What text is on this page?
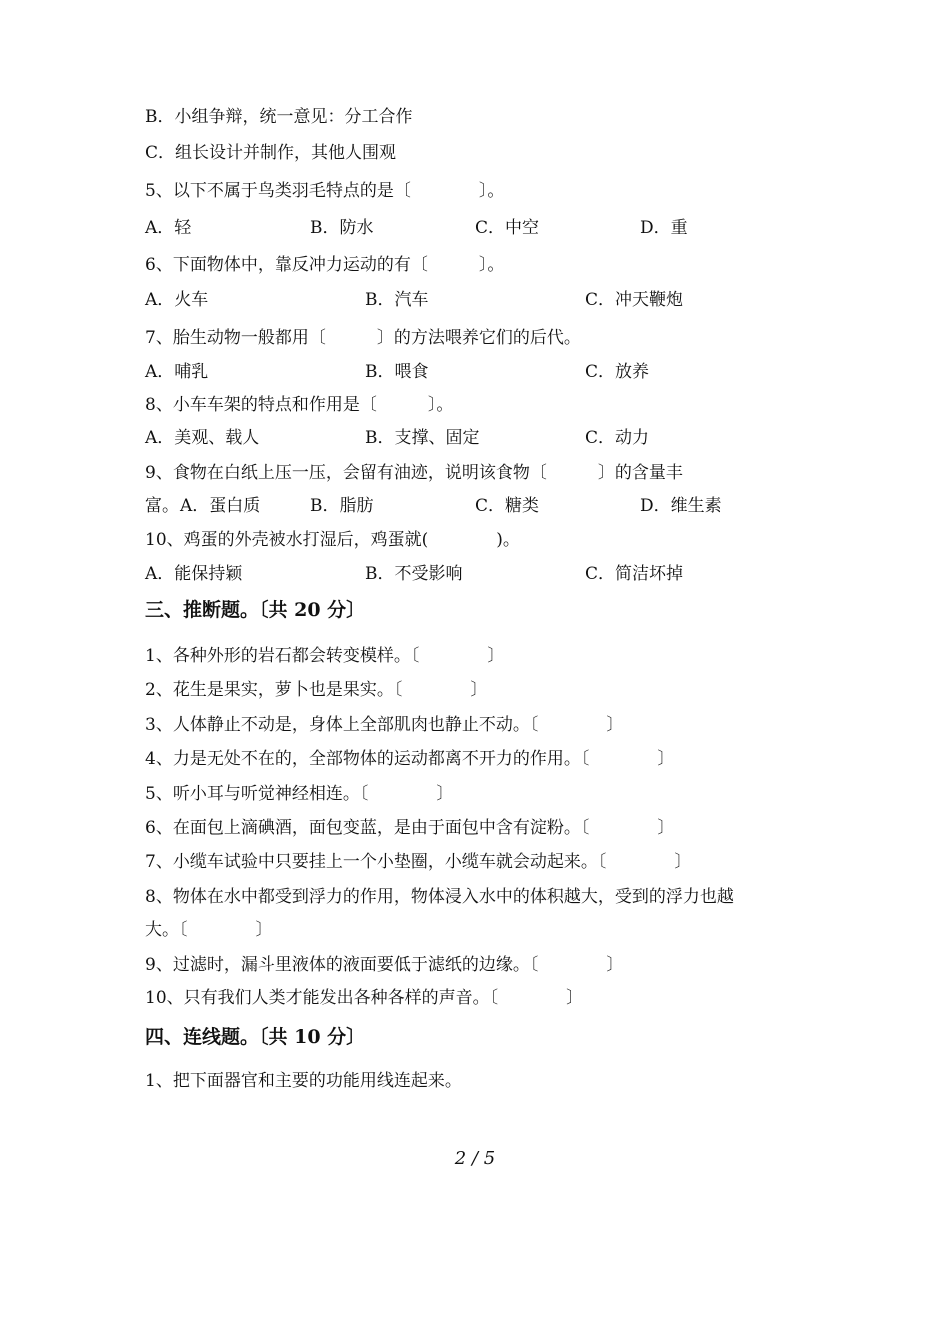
B．小组争辩，统一意见：分工合作
C．组长设计并制作，其他人围观
5、以下不属于鸟类羽毛特点的是〔　　　　〕。
A．轻	B．防水	C．中空	D．重
6、下面物体中，靠反冲力运动的有〔　　　〕。
A．火车	B．汽车	C．冲天鞭炮
7、胎生动物一般都用〔　　　〕的方法喂养它们的后代。
A．哺乳	B．喂食	C．放养
8、小车车架的特点和作用是〔　　　〕。
A．美观、载人	B．支撑、固定	C．动力
9、食物在白纸上压一压，会留有油迹，说明该食物〔　　　〕的含量丰
富。 A．蛋白质	B．脂肪	C．糖类	D．维生素
10、鸡蛋的外壳被水打湿后，鸡蛋就(　　　　)。
A．能保持颖	B．不受影响	C．简洁坏掉
三、推断题。〔共 20 分〕
1、各种外形的岩石都会转变模样。〔　　　　〕
2、花生是果实，萝卜也是果实。〔　　　　〕
3、人体静止不动是，身体上全部肌肉也静止不动。〔　　　　〕
4、力是无处不在的，全部物体的运动都离不开力的作用。〔　　　　〕
5、听小耳与听觉神经相连。〔　　　　〕
6、在面包上滴碘酒，面包变蓝，是由于面包中含有淀粉。〔　　　　〕
7、小缆车试验中只要挂上一个小垫圈，小缆车就会动起来。〔　　　　〕
8、物体在水中都受到浮力的作用，物体浸入水中的体积越大，受到的浮力也越
大。〔　　　　〕
9、过滤时，漏斗里液体的液面要低于滤纸的边缘。〔　　　　〕
10、只有我们人类才能发出各种各样的声音。〔　　　　〕
四、连线题。〔共 10 分〕
1、把下面器官和主要的功能用线连起来。
2 / 5
